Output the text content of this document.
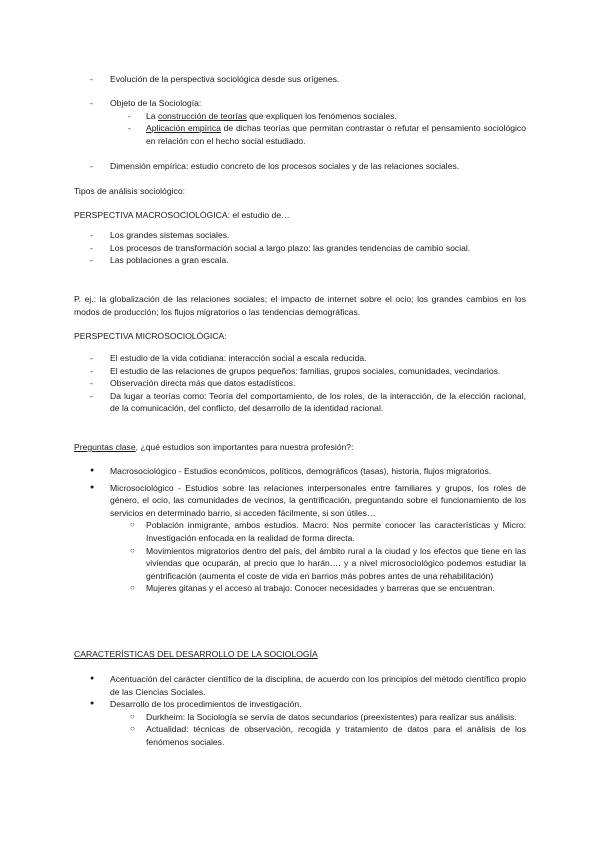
- Evolución de la perspectiva sociológica desde sus orígenes.
- Objeto de la Sociología:
- La construcción de teorías que expliquen los fenómenos sociales.
- Aplicación empírica de dichas teorías que permitan contrastar o refutar el pensamiento sociológico en relación con el hecho social estudiado.
- Dimensión empírica: estudio concreto de los procesos sociales y de las relaciones sociales.
Tipos de análisis sociológico:
PERSPECTIVA MACROSOCIOLÓGICA: el estudio de…
- Los grandes sistemas sociales.
- Los procesos de transformación social a largo plazo: las grandes tendencias de cambio social.
- Las poblaciones a gran escala.
P. ej.: la globalización de las relaciones sociales; el impacto de internet sobre el ocio; los grandes cambios en los modos de producción; los flujos migratorios o las tendencias demográficas.
PERSPECTIVA MICROSOCIOLÓGICA:
- El estudio de la vida cotidiana: interacción social a escala reducida.
- El estudio de las relaciones de grupos pequeños: familias, grupos sociales, comunidades, vecindarios.
- Observación directa más que datos estadísticos.
- Da lugar a teorías como: Teoría del comportamiento, de los roles, de la interacción, de la elección racional, de la comunicación, del conflicto, del desarrollo de la identidad racional.
Preguntas clase, ¿qué estudios son importantes para nuestra profesión?:
● Macrosociológico - Estudios económicos, políticos, demográficos (tasas), historia, flujos migratorios.
● Microsociológico - Estudios sobre las relaciones interpersonales entre familiares y grupos, los roles de género, el ocio, las comunidades de vecinos, la gentrificación, preguntando sobre el funcionamiento de los servicios en determinado barrio, si acceden fácilmente, si son útiles…
○ Población inmigrante, ambos estudios. Macro: Nos permite conocer las características y Micro: Investigación enfocada en la realidad de forma directa.
○ Movimientos migratorios dentro del país, del ámbito rural a la ciudad y los efectos que tiene en las viviendas que ocuparán, al precio que lo harán…. y a nivel microsociológico podemos estudiar la gentrificación (aumenta el coste de vida en barrios más pobres antes de una rehabilitación)
○ Mujeres gitanas y el acceso al trabajo. Conocer necesidades y barreras que se encuentran.
CARACTERÍSTICAS DEL DESARROLLO DE LA SOCIOLOGÍA
● Acentuación del carácter científico de la disciplina, de acuerdo con los principios del método científico propio de las Ciencias Sociales.
● Desarrollo de los procedimientos de investigación.
○ Durkheim: la Sociología se servía de datos secundarios (preexistentes) para realizar sus análisis.
○ Actualidad: técnicas de observación, recogida y tratamiento de datos para el análisis de los fenómenos sociales.
